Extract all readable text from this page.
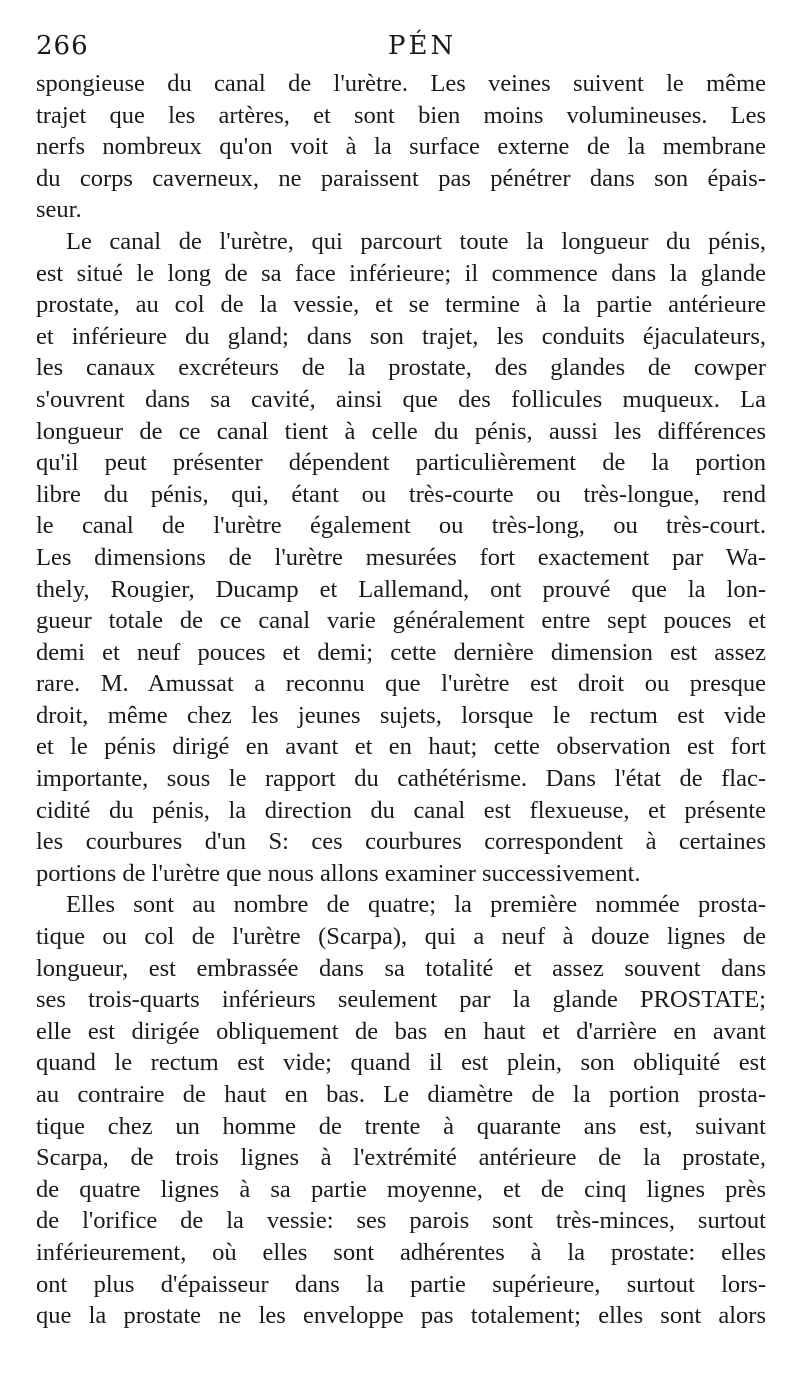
266	PÉN
spongieuse du canal de l'urètre. Les veines suivent le même
trajet que les artères, et sont bien moins volumineuses. Les
nerfs nombreux qu'on voit à la surface externe de la membrane
du corps caverneux, ne paraissent pas pénétrer dans son épais-
seur.
Le canal de l'urètre, qui parcourt toute la longueur du pénis,
est situé le long de sa face inférieure; il commence dans la glande
prostate, au col de la vessie, et se termine à la partie antérieure
et inférieure du gland; dans son trajet, les conduits éjaculateurs,
les canaux excréteurs de la prostate, des glandes de cowper
s'ouvrent dans sa cavité, ainsi que des follicules muqueux. La
longueur de ce canal tient à celle du pénis, aussi les différences
qu'il peut présenter dépendent particulièrement de la portion
libre du pénis, qui, étant ou très-courte ou très-longue, rend
le canal de l'urètre également ou très-long, ou très-court.
Les dimensions de l'urètre mesurées fort exactement par Wa-
thely, Rougier, Ducamp et Lallemand, ont prouvé que la lon-
gueur totale de ce canal varie généralement entre sept pouces et
demi et neuf pouces et demi; cette dernière dimension est assez
rare. M. Amussat a reconnu que l'urètre est droit ou presque
droit, même chez les jeunes sujets, lorsque le rectum est vide
et le pénis dirigé en avant et en haut; cette observation est fort
importante, sous le rapport du cathétérisme. Dans l'état de flac-
cidité du pénis, la direction du canal est flexueuse, et présente
les courbures d'un S: ces courbures correspondent à certaines
portions de l'urètre que nous allons examiner successivement.
Elles sont au nombre de quatre; la première nommée prosta-
tique ou col de l'urètre (Scarpa), qui a neuf à douze lignes de
longueur, est embrassée dans sa totalité et assez souvent dans
ses trois-quarts inférieurs seulement par la glande PROSTATE;
elle est dirigée obliquement de bas en haut et d'arrière en avant
quand le rectum est vide; quand il est plein, son obliquité est
au contraire de haut en bas. Le diamètre de la portion prosta-
tique chez un homme de trente à quarante ans est, suivant
Scarpa, de trois lignes à l'extrémité antérieure de la prostate,
de quatre lignes à sa partie moyenne, et de cinq lignes près
de l'orifice de la vessie: ses parois sont très-minces, surtout
inférieurement, où elles sont adhérentes à la prostate: elles
ont plus d'épaisseur dans la partie supérieure, surtout lors-
que la prostate ne les enveloppe pas totalement; elles sont alors
